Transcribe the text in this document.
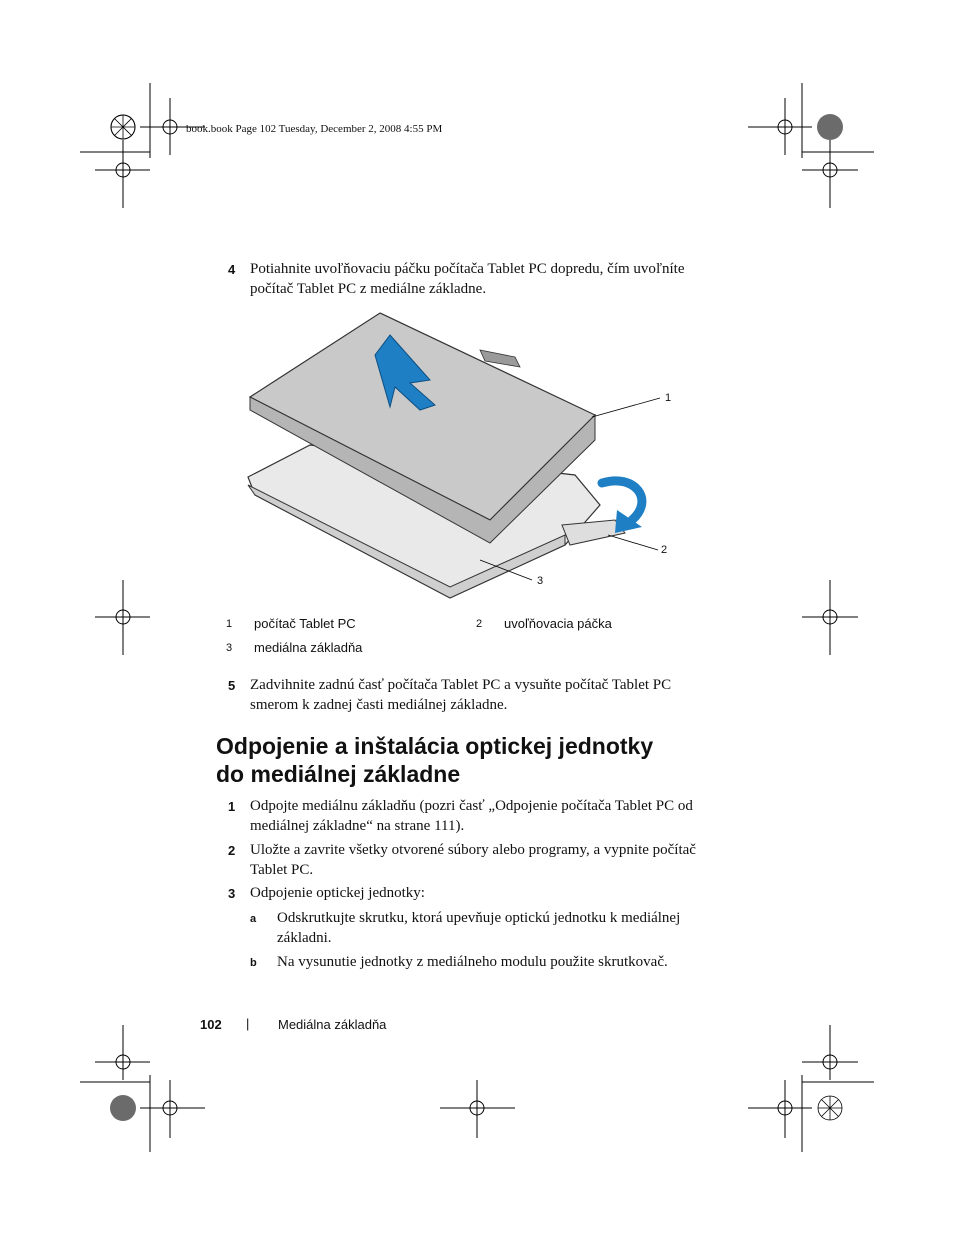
book.book Page 102 Tuesday, December 2, 2008 4:55 PM
4 Potiahnite uvoľňovaciu páčku počítača Tablet PC dopredu, čím uvoľníte
počítač Tablet PC z mediálne základne.
1
2
3
1 počítač Tablet PC	2 uvoľňovacia páčka
3 mediálna základňa
5 Zadvihnite zadnú časť počítača Tablet PC a vysuňte počítač Tablet PC
smerom k zadnej časti mediálnej základne.
Odpojenie a inštalácia optickej jednotky
do mediálnej základne
1 Odpojte mediálnu základňu (pozri časť „Odpojenie počítača Tablet PC od
mediálnej základne“ na strane 111).
2 Uložte a zavrite všetky otvorené súbory alebo programy, a vypnite počítač
Tablet PC.
3 Odpojenie optickej jednotky:
a Odskrutkujte skrutku, ktorá upevňuje optickú jednotku k mediálnej
základni.
b Na vysunutie jednotky z mediálneho modulu použite skrutkovač.
102 | Mediálna základňa
